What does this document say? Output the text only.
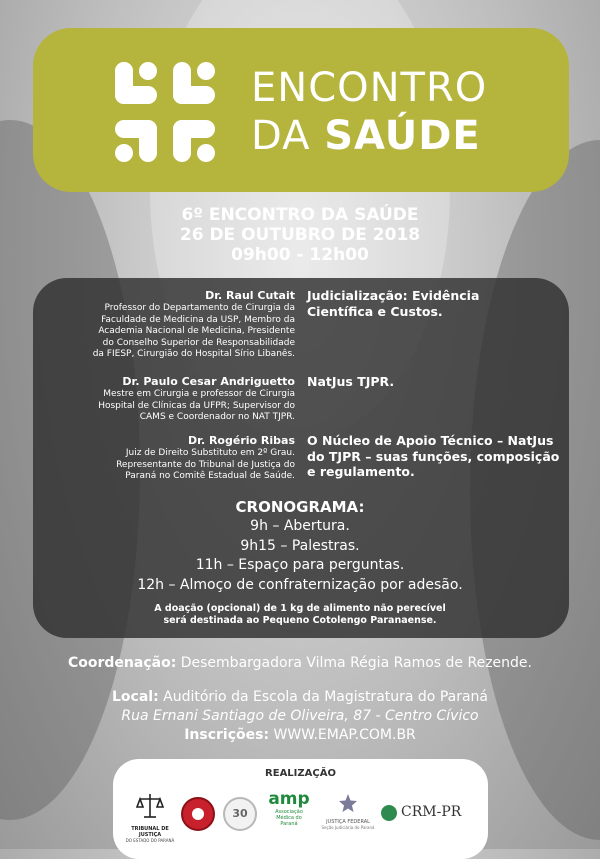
ENCONTRO
DA SAÚDE
6º ENCONTRO DA SAÚDE
26 DE OUTUBRO DE 2018
09h00 - 12h00
Dr. Raul Cutait
Professor do Departamento de Cirurgia da
Faculdade de Medicina da USP, Membro da
Academia Nacional de Medicina, Presidente
do Conselho Superior de Responsabilidade
da FIESP, Cirurgião do Hospital Sírio Libanês.
Judicialização: Evidência
Científica e Custos.
Dr. Paulo Cesar Andriguetto
Mestre em Cirurgia e professor de Cirurgia
Hospital de Clínicas da UFPR; Supervisor do
CAMS e Coordenador no NAT TJPR.
NatJus TJPR.
Dr. Rogério Ribas
Juiz de Direito Substituto em 2º Grau.
Representante do Tribunal de Justiça do
Paraná no Comitê Estadual de Saúde.
O Núcleo de Apoio Técnico – NatJus
do TJPR – suas funções, composição
e regulamento.
CRONOGRAMA:
9h – Abertura.
9h15 – Palestras.
11h – Espaço para perguntas.
12h – Almoço de confraternização por adesão.
A doação (opcional) de 1 kg de alimento não perecível
será destinada ao Pequeno Cotolengo Paranaense.
Coordenação: Desembargadora Vilma Régia Ramos de Rezende.
Local: Auditório da Escola da Magistratura do Paraná
Rua Ernani Santiago de Oliveira, 87 - Centro Cívico
Inscrições: WWW.EMAP.COM.BR
REALIZAÇÃO
TRIBUNAL DE JUSTIÇA
DO ESTADO DO PARANÁ
30
amp
Associação
Médica do
Paraná	JUSTIÇA FEDERAL
Seção Judiciária do Paraná
CRM-PR
